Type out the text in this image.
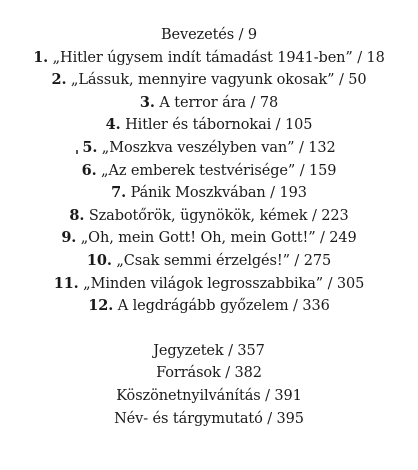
Bevezetés / 9
1. „Hitler úgysem indít támadást 1941-ben” / 18
2. „Lássuk, mennyire vagyunk okosak” / 50
3. A terror ára / 78
4. Hitler és tábornokai / 105
5. „Moszkva veszélyben van” / 132
6. „Az emberek testvérisége” / 159
7. Pánik Moszkvában / 193
8. Szabotőrök, ügynökök, kémek / 223
9. „Oh, mein Gott! Oh, mein Gott!” / 249
10. „Csak semmi érzelgés!” / 275
11. „Minden világok legrosszabbika” / 305
12. A legdrágább győzelem / 336
Jegyzetek / 357
Források / 382
Köszönetnyilvánítás / 391
Név- és tárgymutató / 395
